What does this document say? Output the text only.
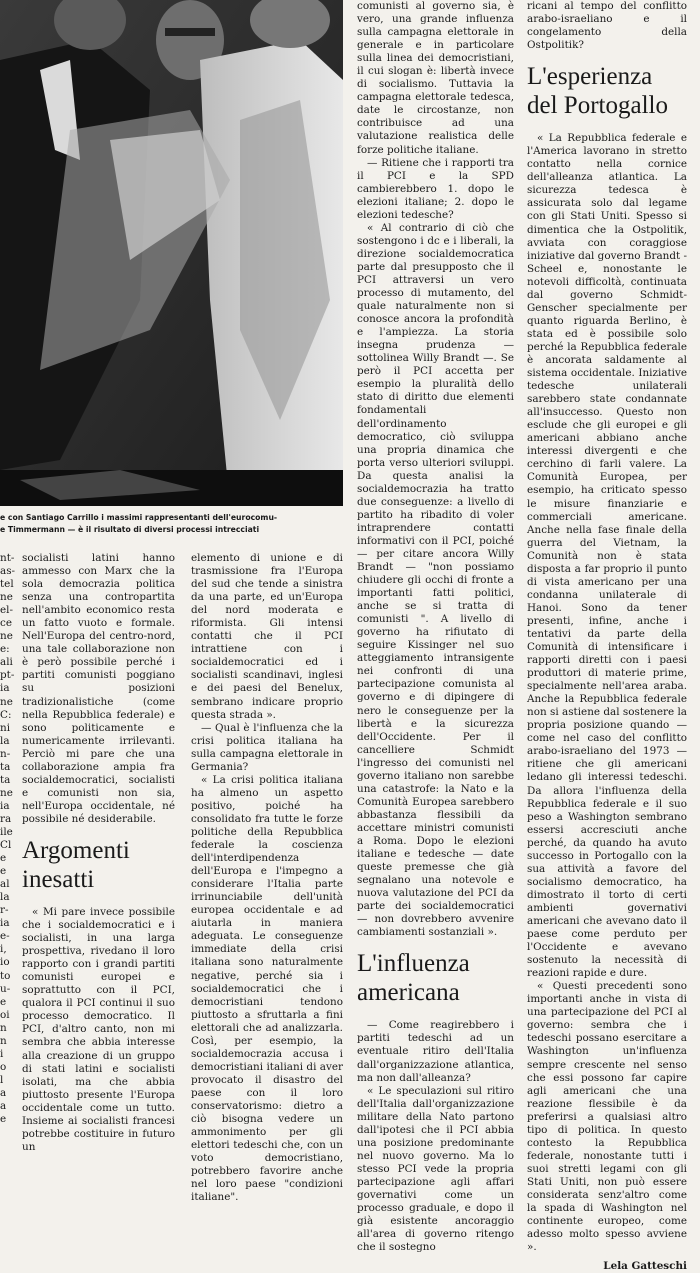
e con Santiago Carrillo i massimi rappresentanti dell'eurocomu-
e Timmermann — è il risultato di diversi processi intrecciati
nt-
as-
tel
ne
el-
ce
ne
e:
ali
pt-
ia
ne
C:
ni
la
n-
ta
ta
ne
ia
ra
ile
Cl
e
e
al
la
r-
ia
e-
i,
io
to
u-
e
oi
n
n
i
o
l
a
a
e

socialisti latini hanno ammesso con Marx che la sola democrazia politica senza una contropartita nell'ambito economico resta un fatto vuoto e formale. Nell'Europa del centro-nord, una tale collaborazione non è però possibile perché i partiti comunisti poggiano su posizioni tradizionalistiche (come nella Repubblica federale) e sono politicamente e numericamente irrilevanti. Perciò mi pare che una collaborazione ampia fra socialdemocratici, socialisti e comunisti non sia, nell'Europa occidentale, né possibile né desiderabile.

Argomenti inesatti

« Mi pare invece possibile che i socialdemocratici e i socialisti, in una larga prospettiva, rivedano il loro rapporto con i grandi partiti comunisti europei e soprattutto con il PCI, qualora il PCI continui il suo processo democratico. Il PCI, d'altro canto, non mi sembra che abbia interesse alla creazione di un gruppo di stati latini e socialisti isolati, ma che abbia piuttosto presente l'Europa occidentale come un tutto. Insieme ai socialisti francesi potrebbe costituire in futuro un

elemento di unione e di trasmissione fra l'Europa del sud che tende a sinistra da una parte, ed un'Europa del nord moderata e riformista. Gli intensi contatti che il PCI intrattiene con i socialdemocratici ed i socialisti scandinavi, inglesi e dei paesi del Benelux, sembrano indicare proprio questa strada ».

— Qual è l'influenza che la crisi politica italiana ha sulla campagna elettorale in Germania?

« La crisi politica italiana ha almeno un aspetto positivo, poiché ha consolidato fra tutte le forze politiche della Repubblica federale la coscienza dell'interdipendenza dell'Europa e l'impegno a considerare l'Italia parte irrinunciabile dell'unità europea occidentale e ad aiutarla in maniera adeguata. Le conseguenze immediate della crisi italiana sono naturalmente negative, perché sia i socialdemocratici che i democristiani tendono piuttosto a sfruttarla a fini elettorali che ad analizzarla. Così, per esempio, la socialdemocrazia accusa i democristiani italiani di aver provocato il disastro del paese con il loro conservatorismo: dietro a ciò bisogna vedere un ammonimento per gli elettori tedeschi che, con un voto democristiano, potrebbero favorire anche nel loro paese "condizioni italiane".

comunisti al governo sia, è vero, una grande influenza sulla campagna elettorale in generale e in particolare sulla linea dei democristiani, il cui slogan è: libertà invece di socialismo. Tuttavia la campagna elettorale tedesca, date le circostanze, non contribuisce ad una valutazione realistica delle forze politiche italiane.

— Ritiene che i rapporti tra il PCI e la SPD cambierebbero 1. dopo le elezioni italiane; 2. dopo le elezioni tedesche?

« Al contrario di ciò che sostengono i dc e i liberali, la direzione socialdemocratica parte dal presupposto che il PCI attraversi un vero processo di mutamento, del quale naturalmente non si conosce ancora la profondità e l'ampiezza. La storia insegna prudenza — sottolinea Willy Brandt —. Se però il PCI accetta per esempio la pluralità dello stato di diritto due elementi fondamentali dell'ordinamento democratico, ciò sviluppa una propria dinamica che porta verso ulteriori sviluppi. Da questa analisi la socialdemocrazia ha tratto due conseguenze: a livello di partito ha ribadito di voler intraprendere contatti informativi con il PCI, poiché — per citare ancora Willy Brandt — "non possiamo chiudere gli occhi di fronte a importanti fatti politici, anche se si tratta di comunisti ". A livello di governo ha rifiutato di seguire Kissinger nel suo atteggiamento intransigente nei confronti di una partecipazione comunista al governo e di dipingere di nero le conseguenze per la libertà e la sicurezza dell'Occidente. Per il cancelliere Schmidt l'ingresso dei comunisti nel governo italiano non sarebbe una catastrofe: la Nato e la Comunità Europea sarebbero abbastanza flessibili da accettare ministri comunisti a Roma. Dopo le elezioni italiane e tedesche — date queste premesse che già segnalano una notevole e nuova valutazione del PCI da parte dei socialdemocratici — non dovrebbero avvenire cambiamenti sostanziali ».

L'influenza americana

— Come reagirebbero i partiti tedeschi ad un eventuale ritiro dell'Italia dall'organizzazione atlantica, ma non dall'alleanza?

« Le speculazioni sul ritiro dell'Italia dall'organizzazione militare della Nato partono dall'ipotesi che il PCI abbia una posizione predominante nel nuovo governo. Ma lo stesso PCI vede la propria partecipazione agli affari governativi come un processo graduale, e dopo il già esistente ancoraggio all'area di governo ritengo che il sostegno

ricani al tempo del conflitto arabo-israeliano e il congelamento della Ostpolitik?

L'esperienza del Portogallo

« La Repubblica federale e l'America lavorano in stretto contatto nella cornice dell'alleanza atlantica. La sicurezza tedesca è assicurata solo dal legame con gli Stati Uniti. Spesso si dimentica che la Ostpolitik, avviata con coraggiose iniziative dal governo Brandt - Scheel e, nonostante le notevoli difficoltà, continuata dal governo Schmidt-Genscher specialmente per quanto riguarda Berlino, è stata ed è possibile solo perché la Repubblica federale è ancorata saldamente al sistema occidentale. Iniziative tedesche unilaterali sarebbero state condannate all'insuccesso. Questo non esclude che gli europei e gli americani abbiano anche interessi divergenti e che cerchino di farli valere. La Comunità Europea, per esempio, ha criticato spesso le misure finanziarie e commerciali americane. Anche nella fase finale della guerra del Vietnam, la Comunità non è stata disposta a far proprio il punto di vista americano per una condanna unilaterale di Hanoi. Sono da tener presenti, infine, anche i tentativi da parte della Comunità di intensificare i rapporti diretti con i paesi produttori di materie prime, specialmente nell'area araba. Anche la Repubblica federale non si astiene dal sostenere la propria posizione quando — come nel caso del conflitto arabo-israeliano del 1973 — ritiene che gli americani ledano gli interessi tedeschi. Da allora l'influenza della Repubblica federale e il suo peso a Washington sembrano essersi accresciuti anche perché, da quando ha avuto successo in Portogallo con la sua attività a favore del socialismo democratico, ha dimostrato il torto di certi ambienti governativi americani che avevano dato il paese come perduto per l'Occidente e avevano sostenuto la necessità di reazioni rapide e dure.

« Questi precedenti sono importanti anche in vista di una partecipazione del PCI al governo: sembra che i tedeschi possano esercitare a Washington un'influenza sempre crescente nel senso che essi possono far capire agli americani che una reazione flessibile è da preferirsi a qualsiasi altro tipo di politica. In questo contesto la Repubblica federale, nonostante tutti i suoi stretti legami con gli Stati Uniti, non può essere considerata senz'altro come la spada di Washington nel continente europeo, come adesso molto spesso avviene ».

Lela Gatteschi
